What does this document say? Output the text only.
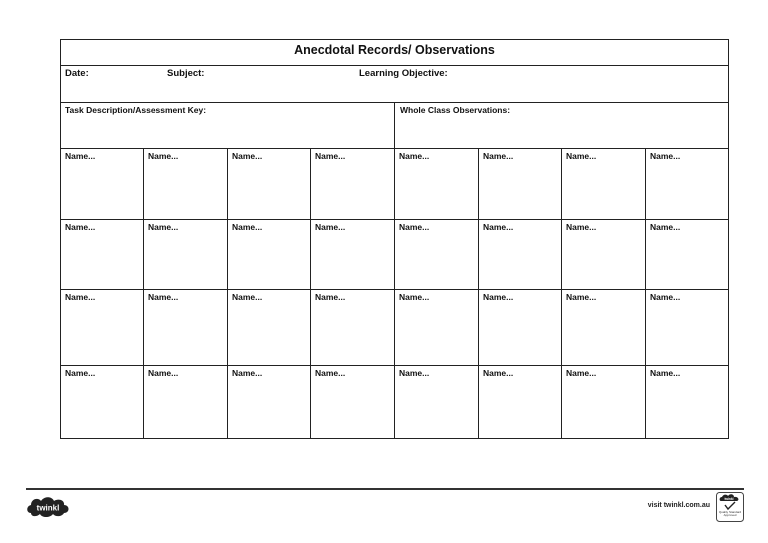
Anecdotal Records/ Observations
Date:	Subject:	Learning Objective:
Task Description/Assessment Key:	Whole Class Observations:
Name...	Name...	Name...	Name...	Name...	Name...	Name...	Name...
Name...	Name...	Name...	Name...	Name...	Name...	Name...	Name...
Name...	Name...	Name...	Name...	Name...	Name...	Name...	Name...
Name...	Name...	Name...	Name...	Name...	Name...	Name...	Name...
twinkl	visit twinkl.com.au
twinkl
Quality Standard Approved
